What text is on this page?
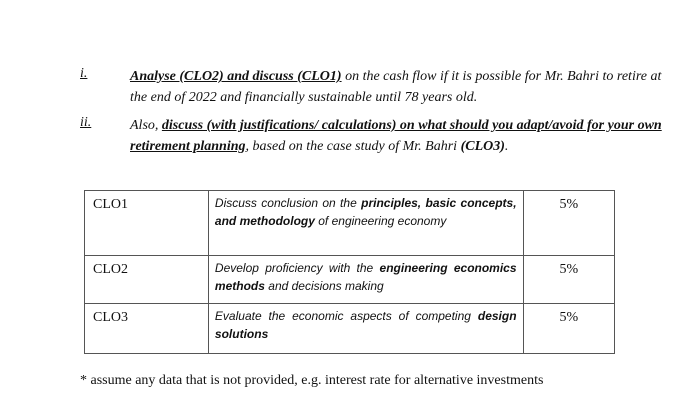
i.	Analyse (CLO2) and discuss (CLO1) on the cash flow if it is possible for Mr. Bahri to retire at the end of 2022 and financially sustainable until 78 years old.
ii.	Also, discuss (with justifications/ calculations) on what should you adapt/avoid for your own retirement planning, based on the case study of Mr. Bahri (CLO3).
CLO1	Discuss conclusion on the principles, basic concepts, and methodology of engineering economy	5%
CLO2	Develop proficiency with the engineering economics methods and decisions making	5%
CLO3	Evaluate the economic aspects of competing design solutions	5%
* assume any data that is not provided, e.g. interest rate for alternative investments
